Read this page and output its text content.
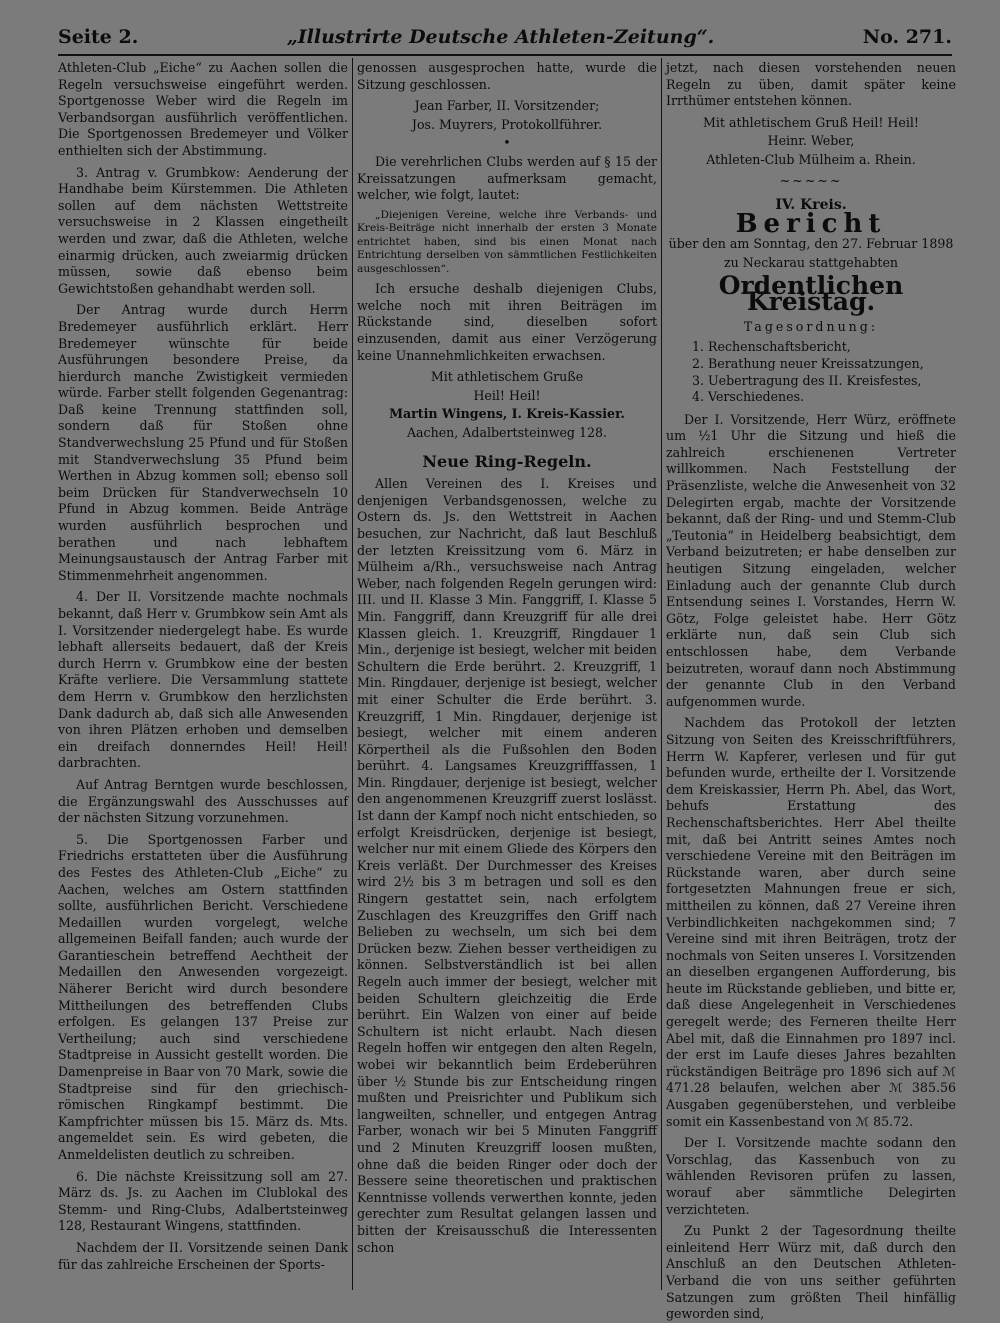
Seite 2.	„Illustrirte Deutsche Athleten-Zeitung“.	No. 271.

Athleten-Club „Eiche“ zu Aachen sollen die Regeln versuchsweise eingeführt werden. Sportgenosse Weber wird die Regeln im Verbandsorgan ausführlich veröffentlichen. Die Sportgenossen Bredemeyer und Völker enthielten sich der Abstimmung.

3. Antrag v. Grumbkow: Aenderung der Handhabe beim Kürstemmen. Die Athleten sollen auf dem nächsten Wettstreite versuchsweise in 2 Klassen eingetheilt werden und zwar, daß die Athleten, welche einarmig drücken, auch zweiarmig drücken müssen, sowie daß ebenso beim Gewichtstoßen gehandhabt werden soll.

Der Antrag wurde durch Herrn Bredemeyer ausführlich erklärt. Herr Bredemeyer wünschte für beide Ausführungen besondere Preise, da hierdurch manche Zwistigkeit vermieden würde. Farber stellt folgenden Gegenantrag: Daß keine Trennung stattfinden soll, sondern daß für Stoßen ohne Standverwechslung 25 Pfund und für Stoßen mit Standverwechslung 35 Pfund beim Werthen in Abzug kommen soll; ebenso soll beim Drücken für Standverwechseln 10 Pfund in Abzug kommen. Beide Anträge wurden ausführlich besprochen und berathen und nach lebhaftem Meinungsaustausch der Antrag Farber mit Stimmenmehrheit angenommen.

4. Der II. Vorsitzende machte nochmals bekannt, daß Herr v. Grumbkow sein Amt als I. Vorsitzender niedergelegt habe. Es wurde lebhaft allerseits bedauert, daß der Kreis durch Herrn v. Grumbkow eine der besten Kräfte verliere. Die Versammlung stattete dem Herrn v. Grumbkow den herzlichsten Dank dadurch ab, daß sich alle Anwesenden von ihren Plätzen erhoben und demselben ein dreifach donnerndes Heil! Heil! darbrachten.

Auf Antrag Berntgen wurde beschlossen, die Ergänzungswahl des Ausschusses auf der nächsten Sitzung vorzunehmen.

5. Die Sportgenossen Farber und Friedrichs erstatteten über die Ausführung des Festes des Athleten-Club „Eiche“ zu Aachen, welches am Ostern stattfinden sollte, ausführlichen Bericht. Verschiedene Medaillen wurden vorgelegt, welche allgemeinen Beifall fanden; auch wurde der Garantieschein betreffend Aechtheit der Medaillen den Anwesenden vorgezeigt. Näherer Bericht wird durch besondere Mittheilungen des betreffenden Clubs erfolgen. Es gelangen 137 Preise zur Vertheilung; auch sind verschiedene Stadtpreise in Aussicht gestellt worden. Die Damenpreise in Baar von 70 Mark, sowie die Stadtpreise sind für den griechisch-römischen Ringkampf bestimmt. Die Kampfrichter müssen bis 15. März ds. Mts. angemeldet sein. Es wird gebeten, die Anmeldelisten deutlich zu schreiben.

6. Die nächste Kreissitzung soll am 27. März ds. Js. zu Aachen im Clublokal des Stemm- und Ring-Clubs, Adalbertsteinweg 128, Restaurant Wingens, stattfinden.

Nachdem der II. Vorsitzende seinen Dank für das zahlreiche Erscheinen der Sports-

genossen ausgesprochen hatte, wurde die Sitzung geschlossen.

Jean Farber, II. Vorsitzender;
Jos. Muyrers, Protokollführer.
•

Die verehrlichen Clubs werden auf § 15 der Kreissatzungen aufmerksam gemacht, welcher, wie folgt, lautet:

„Diejenigen Vereine, welche ihre Verbands- und Kreis-Beiträge nicht innerhalb der ersten 3 Monate entrichtet haben, sind bis einen Monat nach Entrichtung derselben von sämmtlichen Festlichkeiten ausgeschlossen“.

Ich ersuche deshalb diejenigen Clubs, welche noch mit ihren Beiträgen im Rückstande sind, dieselben sofort einzusenden, damit aus einer Verzögerung keine Unannehmlichkeiten erwachsen.

Mit athletischem Gruße
Heil! Heil!
Martin Wingens, I. Kreis-Kassier.
Aachen, Adalbertsteinweg 128.
Neue Ring-Regeln.

Allen Vereinen des I. Kreises und denjenigen Verbandsgenossen, welche zu Ostern ds. Js. den Wettstreit in Aachen besuchen, zur Nachricht, daß laut Beschluß der letzten Kreissitzung vom 6. März in Mülheim a/Rh., versuchsweise nach Antrag Weber, nach folgenden Regeln gerungen wird: III. und II. Klasse 3 Min. Fanggriff, I. Klasse 5 Min. Fanggriff, dann Kreuzgriff für alle drei Klassen gleich. 1. Kreuzgriff, Ringdauer 1 Min., derjenige ist besiegt, welcher mit beiden Schultern die Erde berührt. 2. Kreuzgriff, 1 Min. Ringdauer, derjenige ist besiegt, welcher mit einer Schulter die Erde berührt. 3. Kreuzgriff, 1 Min. Ringdauer, derjenige ist besiegt, welcher mit einem anderen Körpertheil als die Fußsohlen den Boden berührt. 4. Langsames Kreuzgrifffassen, 1 Min. Ringdauer, derjenige ist besiegt, welcher den angenommenen Kreuzgriff zuerst loslässt. Ist dann der Kampf noch nicht entschieden, so erfolgt Kreisdrücken, derjenige ist besiegt, welcher nur mit einem Gliede des Körpers den Kreis verläßt. Der Durchmesser des Kreises wird 2½ bis 3 m betragen und soll es den Ringern gestattet sein, nach erfolgtem Zuschlagen des Kreuzgriffes den Griff nach Belieben zu wechseln, um sich bei dem Drücken bezw. Ziehen besser vertheidigen zu können. Selbstverständlich ist bei allen Regeln auch immer der besiegt, welcher mit beiden Schultern gleichzeitig die Erde berührt. Ein Walzen von einer auf beide Schultern ist nicht erlaubt. Nach diesen Regeln hoffen wir entgegen den alten Regeln, wobei wir bekanntlich beim Erdeberühren über ½ Stunde bis zur Entscheidung ringen mußten und Preisrichter und Publikum sich langweilten, schneller, und entgegen Antrag Farber, wonach wir bei 5 Minuten Fanggriff und 2 Minuten Kreuzgriff loosen mußten, ohne daß die beiden Ringer oder doch der Bessere seine theoretischen und praktischen Kenntnisse vollends verwerthen konnte, jeden gerechter zum Resultat gelangen lassen und bitten der Kreisausschuß die Interessenten schon

jetzt, nach diesen vorstehenden neuen Regeln zu üben, damit später keine Irrthümer entstehen können.

Mit athletischem Gruß Heil! Heil!
Heinr. Weber,
Athleten-Club Mülheim a. Rhein.
~~~~~
IV. Kreis.
Bericht
über den am Sonntag, den 27. Februar 1898
zu Neckarau stattgehabten
Ordentlichen Kreistag.
Tagesordnung:
1. Rechenschaftsbericht,
2. Berathung neuer Kreissatzungen,
3. Uebertragung des II. Kreisfestes,
4. Verschiedenes.

Der I. Vorsitzende, Herr Würz, eröffnete um ½1 Uhr die Sitzung und hieß die zahlreich erschienenen Vertreter willkommen. Nach Feststellung der Präsenzliste, welche die Anwesenheit von 32 Delegirten ergab, machte der Vorsitzende bekannt, daß der Ring- und und Stemm-Club „Teutonia“ in Heidelberg beabsichtigt, dem Verband beizutreten; er habe denselben zur heutigen Sitzung eingeladen, welcher Einladung auch der genannte Club durch Entsendung seines I. Vorstandes, Herrn W. Götz, Folge geleistet habe. Herr Götz erklärte nun, daß sein Club sich entschlossen habe, dem Verbande beizutreten, worauf dann noch Abstimmung der genannte Club in den Verband aufgenommen wurde.

Nachdem das Protokoll der letzten Sitzung von Seiten des Kreisschriftführers, Herrn W. Kapferer, verlesen und für gut befunden wurde, ertheilte der I. Vorsitzende dem Kreiskassier, Herrn Ph. Abel, das Wort, behufs Erstattung des Rechenschaftsberichtes. Herr Abel theilte mit, daß bei Antritt seines Amtes noch verschiedene Vereine mit den Beiträgen im Rückstande waren, aber durch seine fortgesetzten Mahnungen freue er sich, mittheilen zu können, daß 27 Vereine ihren Verbindlichkeiten nachgekommen sind; 7 Vereine sind mit ihren Beiträgen, trotz der nochmals von Seiten unseres I. Vorsitzenden an dieselben ergangenen Aufforderung, bis heute im Rückstande geblieben, und bitte er, daß diese Angelegenheit in Verschiedenes geregelt werde; des Ferneren theilte Herr Abel mit, daß die Einnahmen pro 1897 incl. der erst im Laufe dieses Jahres bezahlten rückständigen Beiträge pro 1896 sich auf ℳ 471.28 belaufen, welchen aber ℳ 385.56 Ausgaben gegenüberstehen, und verbleibe somit ein Kassenbestand von ℳ 85.72.

Der I. Vorsitzende machte sodann den Vorschlag, das Kassenbuch von zu wählenden Revisoren prüfen zu lassen, worauf aber sämmtliche Delegirten verzichteten.

Zu Punkt 2 der Tagesordnung theilte einleitend Herr Würz mit, daß durch den Anschluß an den Deutschen Athleten-Verband die von uns seither geführten Satzungen zum größten Theil hinfällig geworden sind,
